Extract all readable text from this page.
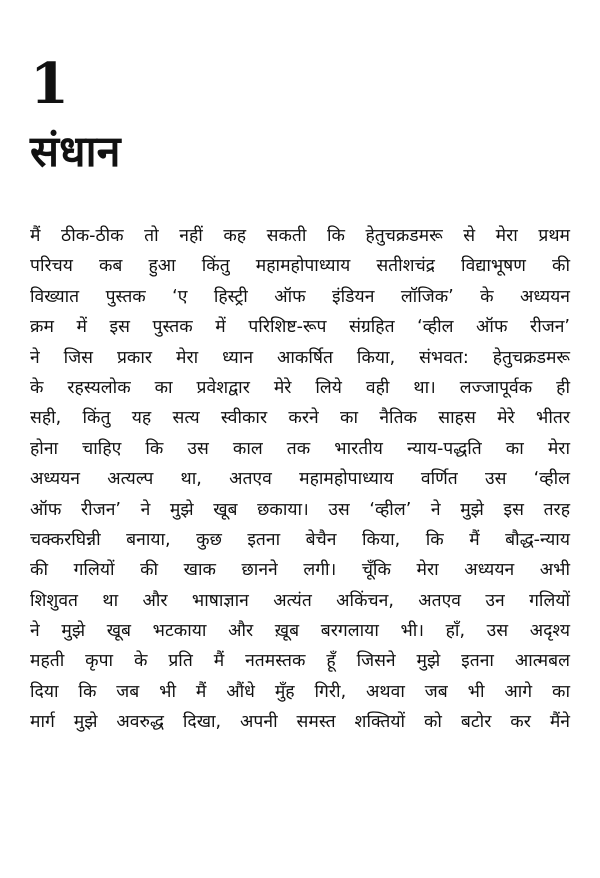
1
संधान
मैं ठीक-ठीक तो नहीं कह सकती कि हेतुचक्रडमरू से मेरा प्रथम
परिचय कब हुआ किंतु महामहोपाध्याय सतीशचंद्र विद्याभूषण की
विख्यात पुस्तक ‘ए हिस्ट्री ऑफ इंडियन लॉजिक’ के अध्ययन
क्रम में इस पुस्तक में परिशिष्ट-रूप संग्रहित ‘व्हील ऑफ रीजन’
ने जिस प्रकार मेरा ध्यान आकर्षित किया, संभवत: हेतुचक्रडमरू
के रहस्यलोक का प्रवेशद्वार मेरे लिये वही था। लज्जापूर्वक ही
सही, किंतु यह सत्य स्वीकार करने का नैतिक साहस मेरे भीतर
होना चाहिए कि उस काल तक भारतीय न्याय-पद्धति का मेरा
अध्ययन अत्यल्प था, अतएव महामहोपाध्याय वर्णित उस ‘व्हील
ऑफ रीजन’ ने मुझे खूब छकाया। उस ‘व्हील’ ने मुझे इस तरह
चक्करघिन्नी बनाया, कुछ इतना बेचैन किया, कि मैं बौद्ध-न्याय
की गलियों की खाक छानने लगी। चूँकि मेरा अध्ययन अभी
शिशुवत था और भाषाज्ञान अत्यंत अकिंचन, अतएव उन गलियों
ने मुझे खूब भटकाया और ख़ूब बरगलाया भी। हाँ, उस अदृश्य
महती कृपा के प्रति मैं नतमस्तक हूँ जिसने मुझे इतना आत्मबल
दिया कि जब भी मैं औंधे मुँह गिरी, अथवा जब भी आगे का
मार्ग मुझे अवरुद्ध दिखा, अपनी समस्त शक्तियों को बटोर कर मैंने
